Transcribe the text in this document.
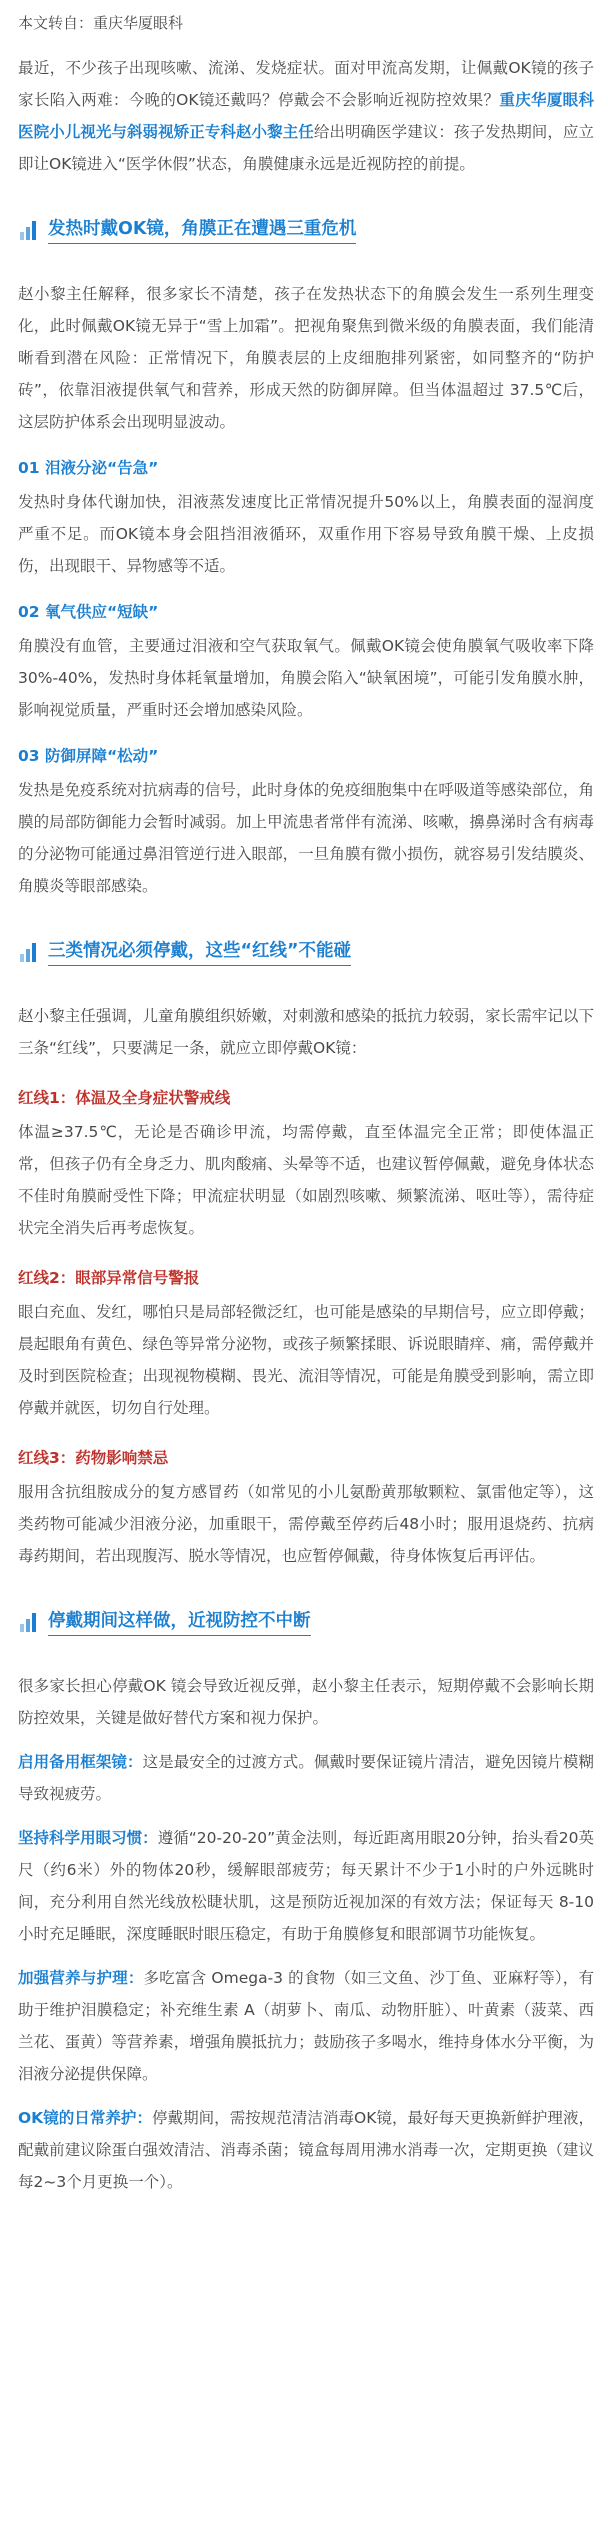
本文转自：重庆华厦眼科

最近，不少孩子出现咳嗽、流涕、发烧症状。面对甲流高发期，让佩戴OK镜的孩子家长陷入两难：今晚的OK镜还戴吗？停戴会不会影响近视防控效果？重庆华厦眼科医院小儿视光与斜弱视矫正专科赵小黎主任给出明确医学建议：孩子发热期间，应立即让OK镜进入“医学休假”状态，角膜健康永远是近视防控的前提。

发热时戴OK镜，角膜正在遭遇三重危机

赵小黎主任解释，很多家长不清楚，孩子在发热状态下的角膜会发生一系列生理变化，此时佩戴OK镜无异于“雪上加霜”。把视角聚焦到微米级的角膜表面，我们能清晰看到潜在风险：正常情况下，角膜表层的上皮细胞排列紧密，如同整齐的“防护砖”，依靠泪液提供氧气和营养，形成天然的防御屏障。但当体温超过 37.5℃后，这层防护体系会出现明显波动。

01 泪液分泌“告急”

发热时身体代谢加快，泪液蒸发速度比正常情况提升50%以上，角膜表面的湿润度严重不足。而OK镜本身会阻挡泪液循环，双重作用下容易导致角膜干燥、上皮损伤，出现眼干、异物感等不适。

02 氧气供应“短缺”

角膜没有血管，主要通过泪液和空气获取氧气。佩戴OK镜会使角膜氧气吸收率下降30%-40%，发热时身体耗氧量增加，角膜会陷入“缺氧困境”，可能引发角膜水肿，影响视觉质量，严重时还会增加感染风险。

03 防御屏障“松动”

发热是免疫系统对抗病毒的信号，此时身体的免疫细胞集中在呼吸道等感染部位，角膜的局部防御能力会暂时减弱。加上甲流患者常伴有流涕、咳嗽，擤鼻涕时含有病毒的分泌物可能通过鼻泪管逆行进入眼部，一旦角膜有微小损伤，就容易引发结膜炎、角膜炎等眼部感染。

三类情况必须停戴，这些“红线”不能碰

赵小黎主任强调，儿童角膜组织娇嫩，对刺激和感染的抵抗力较弱，家长需牢记以下三条“红线”，只要满足一条，就应立即停戴OK镜：

红线1：体温及全身症状警戒线

体温≥37.5℃，无论是否确诊甲流，均需停戴，直至体温完全正常；即使体温正常，但孩子仍有全身乏力、肌肉酸痛、头晕等不适，也建议暂停佩戴，避免身体状态不佳时角膜耐受性下降；甲流症状明显（如剧烈咳嗽、频繁流涕、呕吐等），需待症状完全消失后再考虑恢复。

红线2：眼部异常信号警报

眼白充血、发红，哪怕只是局部轻微泛红，也可能是感染的早期信号，应立即停戴；晨起眼角有黄色、绿色等异常分泌物，或孩子频繁揉眼、诉说眼睛痒、痛，需停戴并及时到医院检查；出现视物模糊、畏光、流泪等情况，可能是角膜受到影响，需立即停戴并就医，切勿自行处理。

红线3：药物影响禁忌

服用含抗组胺成分的复方感冒药（如常见的小儿氨酚黄那敏颗粒、氯雷他定等），这类药物可能减少泪液分泌，加重眼干，需停戴至停药后48小时；服用退烧药、抗病毒药期间，若出现腹泻、脱水等情况，也应暂停佩戴，待身体恢复后再评估。

停戴期间这样做，近视防控不中断

很多家长担心停戴OK 镜会导致近视反弹，赵小黎主任表示，短期停戴不会影响长期防控效果，关键是做好替代方案和视力保护。

启用备用框架镜：这是最安全的过渡方式。佩戴时要保证镜片清洁，避免因镜片模糊导致视疲劳。

坚持科学用眼习惯：遵循“20-20-20”黄金法则，每近距离用眼20分钟，抬头看20英尺（约6米）外的物体20秒，缓解眼部疲劳；每天累计不少于1小时的户外远眺时间，充分利用自然光线放松睫状肌，这是预防近视加深的有效方法；保证每天 8-10 小时充足睡眠，深度睡眠时眼压稳定，有助于角膜修复和眼部调节功能恢复。

加强营养与护理：多吃富含 Omega-3 的食物（如三文鱼、沙丁鱼、亚麻籽等），有助于维护泪膜稳定；补充维生素 A（胡萝卜、南瓜、动物肝脏）、叶黄素（菠菜、西兰花、蛋黄）等营养素，增强角膜抵抗力；鼓励孩子多喝水，维持身体水分平衡，为泪液分泌提供保障。

OK镜的日常养护：停戴期间，需按规范清洁消毒OK镜，最好每天更换新鲜护理液，配戴前建议除蛋白强效清洁、消毒杀菌；镜盒每周用沸水消毒一次，定期更换（建议每2~3个月更换一个）。
